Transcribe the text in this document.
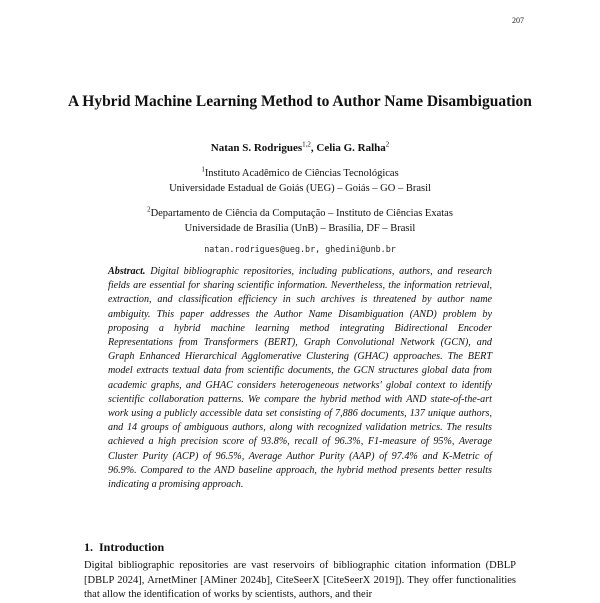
207
A Hybrid Machine Learning Method to Author Name Disambiguation
Natan S. Rodrigues$^{1,2}$, Celia G. Ralha$^2$
$^1$Instituto Acadêmico de Ciências Tecnológicas
Universidade Estadual de Goiás (UEG) – Goiás – GO – Brasil
$^2$Departamento de Ciência da Computação – Instituto de Ciências Exatas
Universidade de Brasília (UnB) – Brasília, DF – Brasil
natan.rodrigues@ueg.br, ghedini@unb.br
Abstract. Digital bibliographic repositories, including publications, authors, and research fields are essential for sharing scientific information. Nevertheless, the information retrieval, extraction, and classification efficiency in such archives is threatened by author name ambiguity. This paper addresses the Author Name Disambiguation (AND) problem by proposing a hybrid machine learning method integrating Bidirectional Encoder Representations from Transformers (BERT), Graph Convolutional Network (GCN), and Graph Enhanced Hierarchical Agglomerative Clustering (GHAC) approaches. The BERT model extracts textual data from scientific documents, the GCN structures global data from academic graphs, and GHAC considers heterogeneous networks' global context to identify scientific collaboration patterns. We compare the hybrid method with AND state-of-the-art work using a publicly accessible data set consisting of 7,886 documents, 137 unique authors, and 14 groups of ambiguous authors, along with recognized validation metrics. The results achieved a high precision score of 93.8%, recall of 96.3%, F1-measure of 95%, Average Cluster Purity (ACP) of 96.5%, Average Author Purity (AAP) of 97.4% and K-Metric of 96.9%. Compared to the AND baseline approach, the hybrid method presents better results indicating a promising approach.
1. Introduction
Digital bibliographic repositories are vast reservoirs of bibliographic citation information (DBLP [DBLP 2024], ArnetMiner [AMiner 2024b], CiteSeerX [CiteSeerX 2019]). They offer functionalities that allow the identification of works by scientists, authors, and their
